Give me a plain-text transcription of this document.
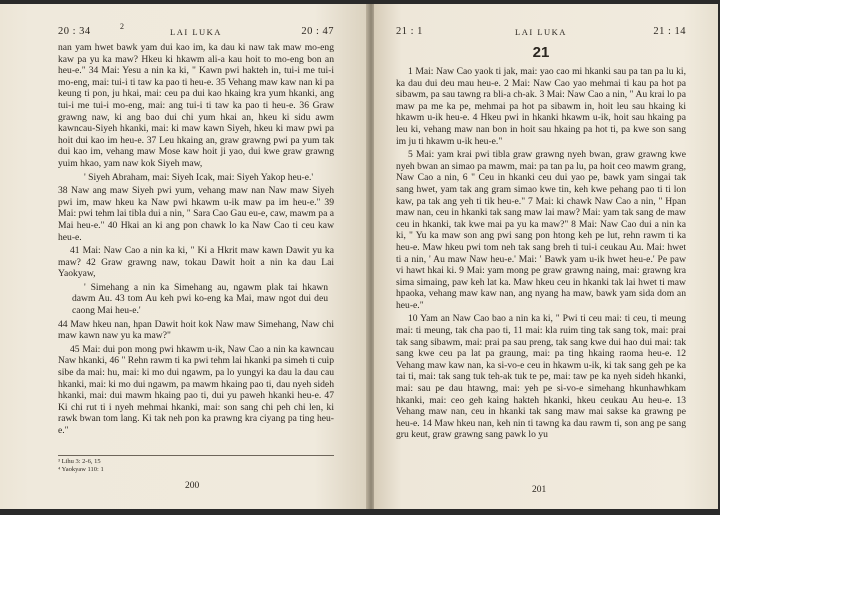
2
20 : 34	LAI LUKA	20 : 47

nan yam hwet bawk yam dui kao im, ka dau ki naw tak maw mo-eng kaw pa yu ka maw? Hkeu ki hkawm ali-a kau hoit to mo-eng bon an heu-e." 34 Mai: Yesu a nin ka ki, " Kawn pwi hakteh in, tui-i me tui-i mo-eng, mai: tui-i ti taw ka pao ti heu-e. 35 Vehang maw kaw nan ki pa keung ti pon, ju hkai, mai: ceu pa dui kao hkaing kra yum hkanki, ang tui-i me tui-i mo-eng, mai: ang tui-i ti taw ka pao ti heu-e. 36 Graw grawng naw, ki ang bao dui chi yum hkai an, hkeu ki sidu awm kawncau-Siyeh hkanki, mai: ki maw kawn Siyeh, hkeu ki maw pwi pa hoit dui kao im heu-e. 37 Leu hkaing an, graw grawng pwi pa yum tak dui kao im, vehang maw Mose kaw hoit ji yao, dui kwe graw grawng yuim hkao, yam naw kok Siyeh maw,

' Siyeh Abraham, mai: Siyeh Icak, mai: Siyeh Yakop heu-e.'

38 Naw ang maw Siyeh pwi yum, vehang maw nan Naw maw Siyeh pwi im, maw hkeu ka Naw pwi hkawm u-ik maw pa im heu-e." 39 Mai: pwi tehm lai tibla dui a nin, " Sara Cao Gau eu-e, caw, mawm pa a Mai heu-e." 40 Hkai an ki ang pon chawk lo ka Naw Cao ti ceu kaw heu-e.

41 Mai: Naw Cao a nin ka ki, " Ki a Hkrit maw kawn Dawit yu ka maw? 42 Graw grawng naw, tokau Dawit hoit a nin ka dau Lai Yaokyaw,

' Simehang a nin ka Simehang au, ngawm plak tai hkawn dawm Au. 43 tom Au keh pwi ko-eng ka Mai, maw ngot dui deu caong Mai heu-e.'

44 Maw hkeu nan, hpan Dawit hoit kok Naw maw Simehang, Naw chi maw kawn naw yu ka maw?"

45 Mai: dui pon mong pwi hkawm u-ik, Naw Cao a nin ka kawncau Naw hkanki, 46 " Rehn rawm ti ka pwi tehm lai hkanki pa simeh ti cuip sibe da mai: hu, mai: ki mo dui ngawm, pa lo yungyi ka dau la dau cau hkanki, mai: ki mo dui ngawm, pa mawm hkaing pao ti, dau nyeh sideh hkanki, mai: dui mawm hkaing pao ti, dui yu paweh hkanki heu-e. 47 Ki chi rut ti i nyeh mehmai hkanki, mai: son sang chi peh chi len, ki rawk bwan tom lang. Ki tak neh pon ka prawng kra ciyang pa ting heu-e."

³ Lihu 3: 2-6, 15
⁴ Yaokyaw 110: 1
200
21 : 1	LAI LUKA	21 : 14
21

1 Mai: Naw Cao yaok ti jak, mai: yao cao mi hkanki sau pa tan pa lu ki, ka dau dui deu mau heu-e. 2 Mai: Naw Cao yao mehmai ti kau pa hot pa sibawm, pa sau tawng ra bli-a ch-ak. 3 Mai: Naw Cao a nin, " Au krai lo pa maw pa me ka pe, mehmai pa hot pa sibawm in, hoit leu sau hkaing ki hkawm u-ik heu-e. 4 Hkeu pwi in hkanki hkawm u-ik, hoit sau hkaing pa leu ki, vehang maw nan bon in hoit sau hkaing pa hot ti, pa kwe son sang im ju ti hkawm u-ik heu-e."

5 Mai: yam krai pwi tibla graw grawng nyeh bwan, graw grawng kwe nyeh bwan an simao pa mawm, mai: pa tan pa lu, pa hoit ceo mawm grang, Naw Cao a nin, 6 " Ceu in hkanki ceu dui yao pe, bawk yam singai tak sang hwet, yam tak ang gram simao kwe tin, keh kwe pehang pao ti ti lon kaw, pa tak ang yeh ti tik heu-e." 7 Mai: ki chawk Naw Cao a nin, " Hpan maw nan, ceu in hkanki tak sang maw lai maw? Mai: yam tak sang de maw ceu in hkanki, tak kwe mai pa yu ka maw?" 8 Mai: Naw Cao dui a nin ka ki, " Yu ka maw son ang pwi sang pon htong keh pe lut, rehn rawm ti ka heu-e. Maw hkeu pwi tom neh tak sang breh ti tui-i ceukau Au. Mai: hwet ti a nin, ' Au maw Naw heu-e.' Mai: ' Bawk yam u-ik hwet heu-e.' Pe paw vi hawt hkai ki. 9 Mai: yam mong pe graw grawng naing, mai: grawng kra sima simaing, paw keh lat ka. Maw hkeu ceu in hkanki tak lai hwet ti maw hpaoka, vehang maw kaw nan, ang nyang ha maw, bawk yam sida dom an heu-e."

10 Yam an Naw Cao bao a nin ka ki, " Pwi ti ceu mai: ti ceu, ti meung mai: ti meung, tak cha pao ti, 11 mai: kla ruim ting tak sang tok, mai: prai tak sang sibawm, mai: prai pa sau preng, tak sang kwe dui hao dui mai: tak sang kwe ceu pa lat pa graung, mai: pa ting hkaing raoma heu-e. 12 Vehang maw kaw nan, ka si-vo-e ceu in hkawm u-ik, ki tak sang geh pe ka tai ti, mai: tak sang tuk teh-ak tuk te pe, mai: taw pe ka nyeh sideh hkanki, mai: sau pe dau htawng, mai: yeh pe si-vo-e simehang hkunhawhkam hkanki, mai: ceo geh kaing hakteh hkanki, hkeu ceukau Au heu-e. 13 Vehang maw nan, ceu in hkanki tak sang maw mai sakse ka grawng pe heu-e. 14 Maw hkeu nan, keh nin ti tawng ka dau rawm ti, son ang pe sang gru keut, graw grawng sang pawk lo yu

201
